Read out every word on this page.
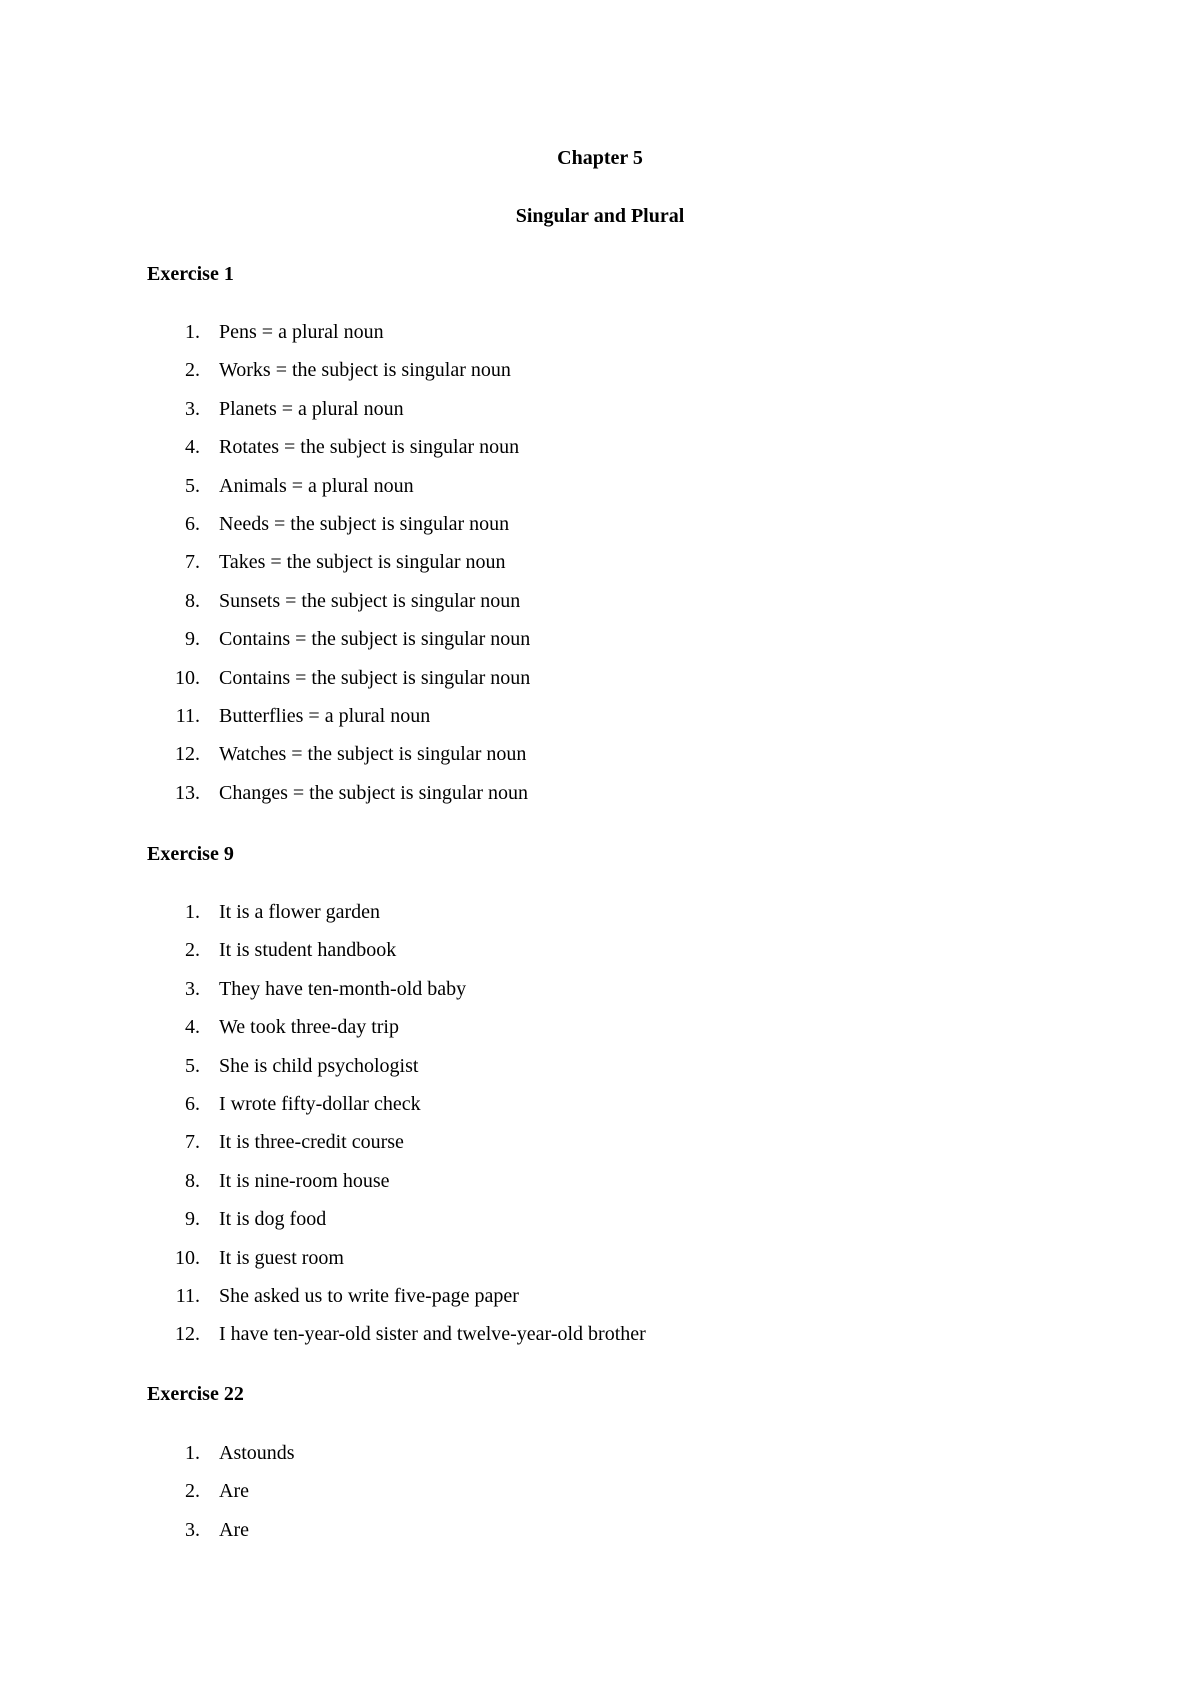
Chapter 5
Singular and Plural
Exercise 1
1. Pens = a plural noun
2. Works = the subject is singular noun
3. Planets = a plural noun
4. Rotates = the subject is singular noun
5. Animals = a plural noun
6. Needs = the subject is singular noun
7. Takes = the subject is singular noun
8. Sunsets = the subject is singular noun
9. Contains = the subject is singular noun
10. Contains = the subject is singular noun
11. Butterflies = a plural noun
12. Watches = the subject is singular noun
13. Changes = the subject is singular noun
Exercise 9
1. It is a flower garden
2. It is student handbook
3. They have ten-month-old baby
4. We took three-day trip
5. She is child psychologist
6. I wrote fifty-dollar check
7. It is three-credit course
8. It is nine-room house
9. It is dog food
10. It is guest room
11. She asked us to write five-page paper
12. I have ten-year-old sister and twelve-year-old brother
Exercise 22
1. Astounds
2. Are
3. Are
